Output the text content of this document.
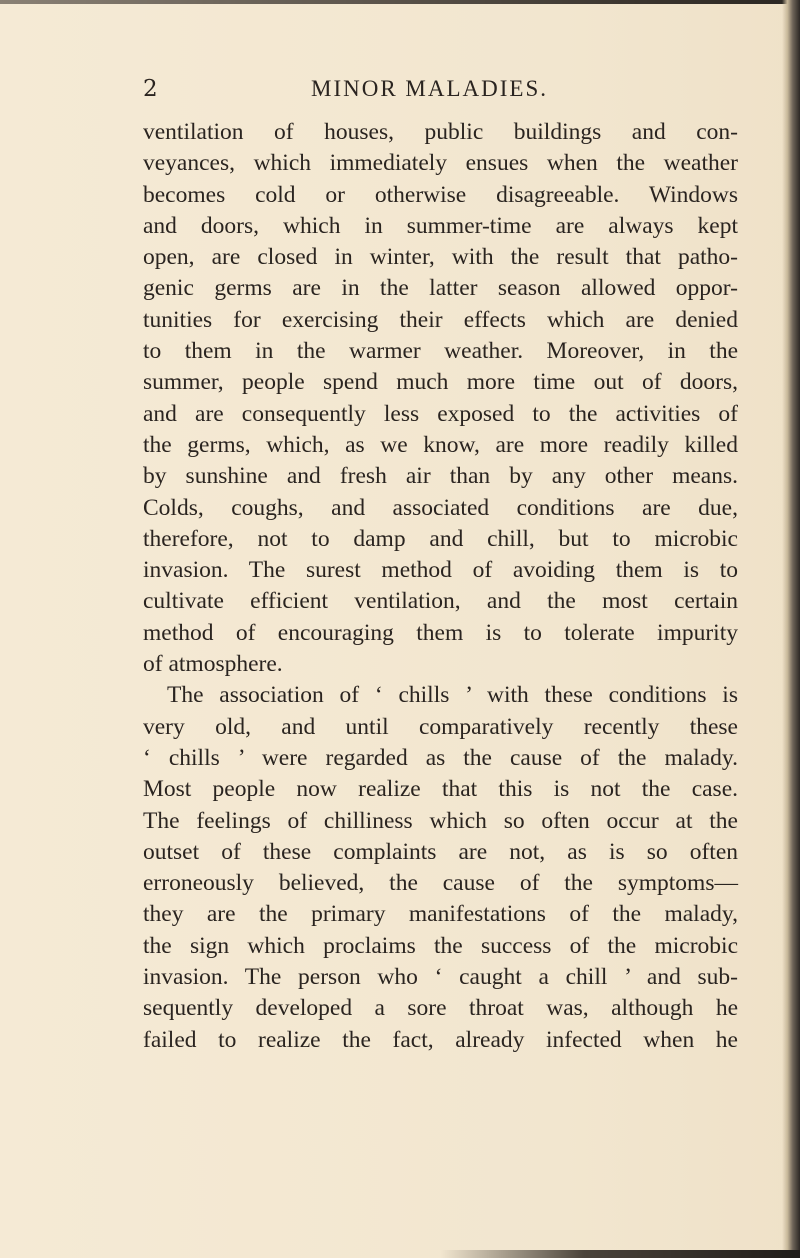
2	MINOR MALADIES.
ventilation of houses, public buildings and con-
veyances, which immediately ensues when the weather
becomes cold or otherwise disagreeable. Windows
and doors, which in summer-time are always kept
open, are closed in winter, with the result that patho-
genic germs are in the latter season allowed oppor-
tunities for exercising their effects which are denied
to them in the warmer weather. Moreover, in the
summer, people spend much more time out of doors,
and are consequently less exposed to the activities of
the germs, which, as we know, are more readily killed
by sunshine and fresh air than by any other means.
Colds, coughs, and associated conditions are due,
therefore, not to damp and chill, but to microbic
invasion. The surest method of avoiding them is to
cultivate efficient ventilation, and the most certain
method of encouraging them is to tolerate impurity
of atmosphere.
The association of ‘ chills ’ with these conditions is
very old, and until comparatively recently these
‘ chills ’ were regarded as the cause of the malady.
Most people now realize that this is not the case.
The feelings of chilliness which so often occur at the
outset of these complaints are not, as is so often
erroneously believed, the cause of the symptoms—
they are the primary manifestations of the malady,
the sign which proclaims the success of the microbic
invasion. The person who ‘ caught a chill ’ and sub-
sequently developed a sore throat was, although he
failed to realize the fact, already infected when he
